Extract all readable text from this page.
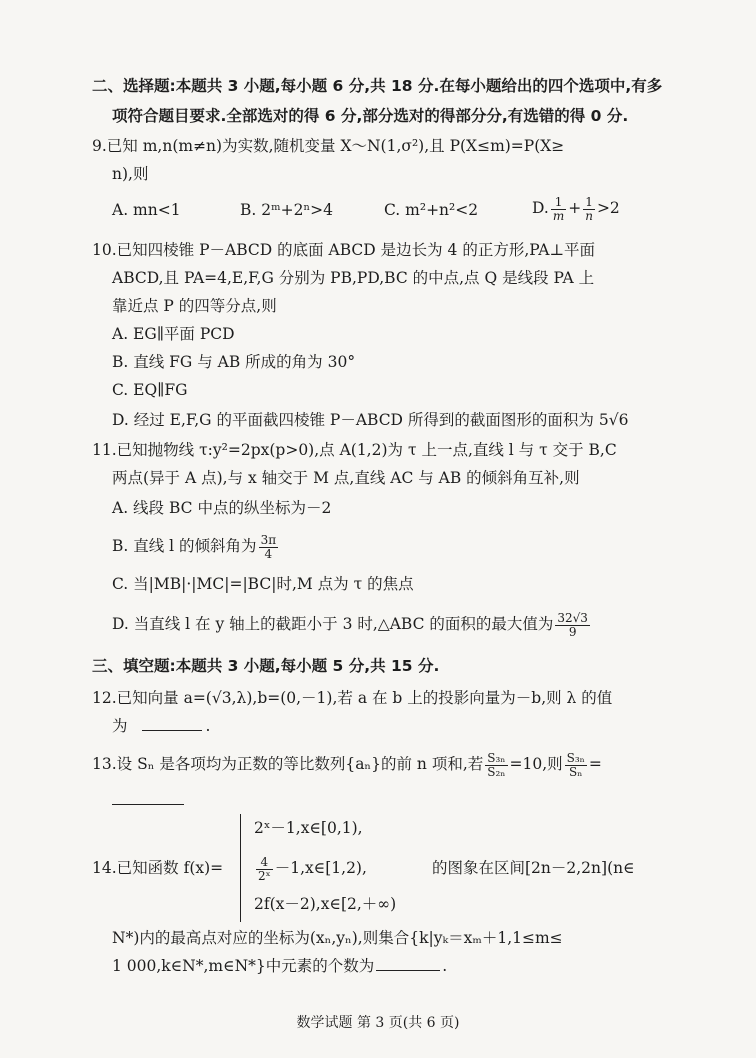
二、选择题:本题共 3 小题,每小题 6 分,共 18 分.在每小题给出的四个选项中,有多
项符合题目要求.全部选对的得 6 分,部分选对的得部分分,有选错的得 0 分.
9.已知 m,n(m≠n)为实数,随机变量 X～N(1,σ²),且 P(X≤m)=P(X≥
n),则
A. mn<1	B. 2ᵐ+2ⁿ>4	C. m²+n²<2	D. $\frac{1}{m} + \frac{1}{n} >2$
10.已知四棱锥 P－ABCD 的底面 ABCD 是边长为 4 的正方形,PA⊥平面
ABCD,且 PA=4,E,F,G 分别为 PB,PD,BC 的中点,点 Q 是线段 PA 上
靠近点 P 的四等分点,则
A. EG∥平面 PCD
B. 直线 FG 与 AB 所成的角为 30°
C. EQ∥FG
D. 经过 E,F,G 的平面截四棱锥 P－ABCD 所得到的截面图形的面积为 5√6
11.已知抛物线 τ:y²=2px(p>0),点 A(1,2)为 τ 上一点,直线 l 与 τ 交于 B,C
两点(异于 A 点),与 x 轴交于 M 点,直线 AC 与 AB 的倾斜角互补,则
A. 线段 BC 中点的纵坐标为－2
B. 直线 l 的倾斜角为 $\frac{3\pi}{4}$
C. 当|MB|·|MC|=|BC|时,M 点为 τ 的焦点
D. 当直线 l 在 y 轴上的截距小于 3 时,△ABC 的面积的最大值为 $\frac{32√3}{9}$
三、填空题:本题共 3 小题,每小题 5 分,共 15 分.
12.已知向量 a=(√3,λ),b=(0,－1),若 a 在 b 上的投影向量为－b,则 λ 的值
为	.
13.设 Sₙ 是各项均为正数的等比数列{aₙ}的前 n 项和,若 $\frac{\text{S₃ₙ}}{\text{S₂ₙ}} =10$,则 $\frac{\text{S₃ₙ}}{\text{Sₙ}}$ =
14.已知函数 f(x)=
2ˣ－1,x∈[0,1),
$\frac{4}{\text{2ˣ}}$ －1,x∈[1,2),
2f(x－2),x∈[2,＋∞)
的图象在区间[2n－2,2n](n∈
N*)内的最高点对应的坐标为(xₙ,yₙ),则集合{k|yₖ＝xₘ＋1,1≤m≤
1 000,k∈N*,m∈N*}中元素的个数为	.
数学试题 第 3 页(共 6 页)
